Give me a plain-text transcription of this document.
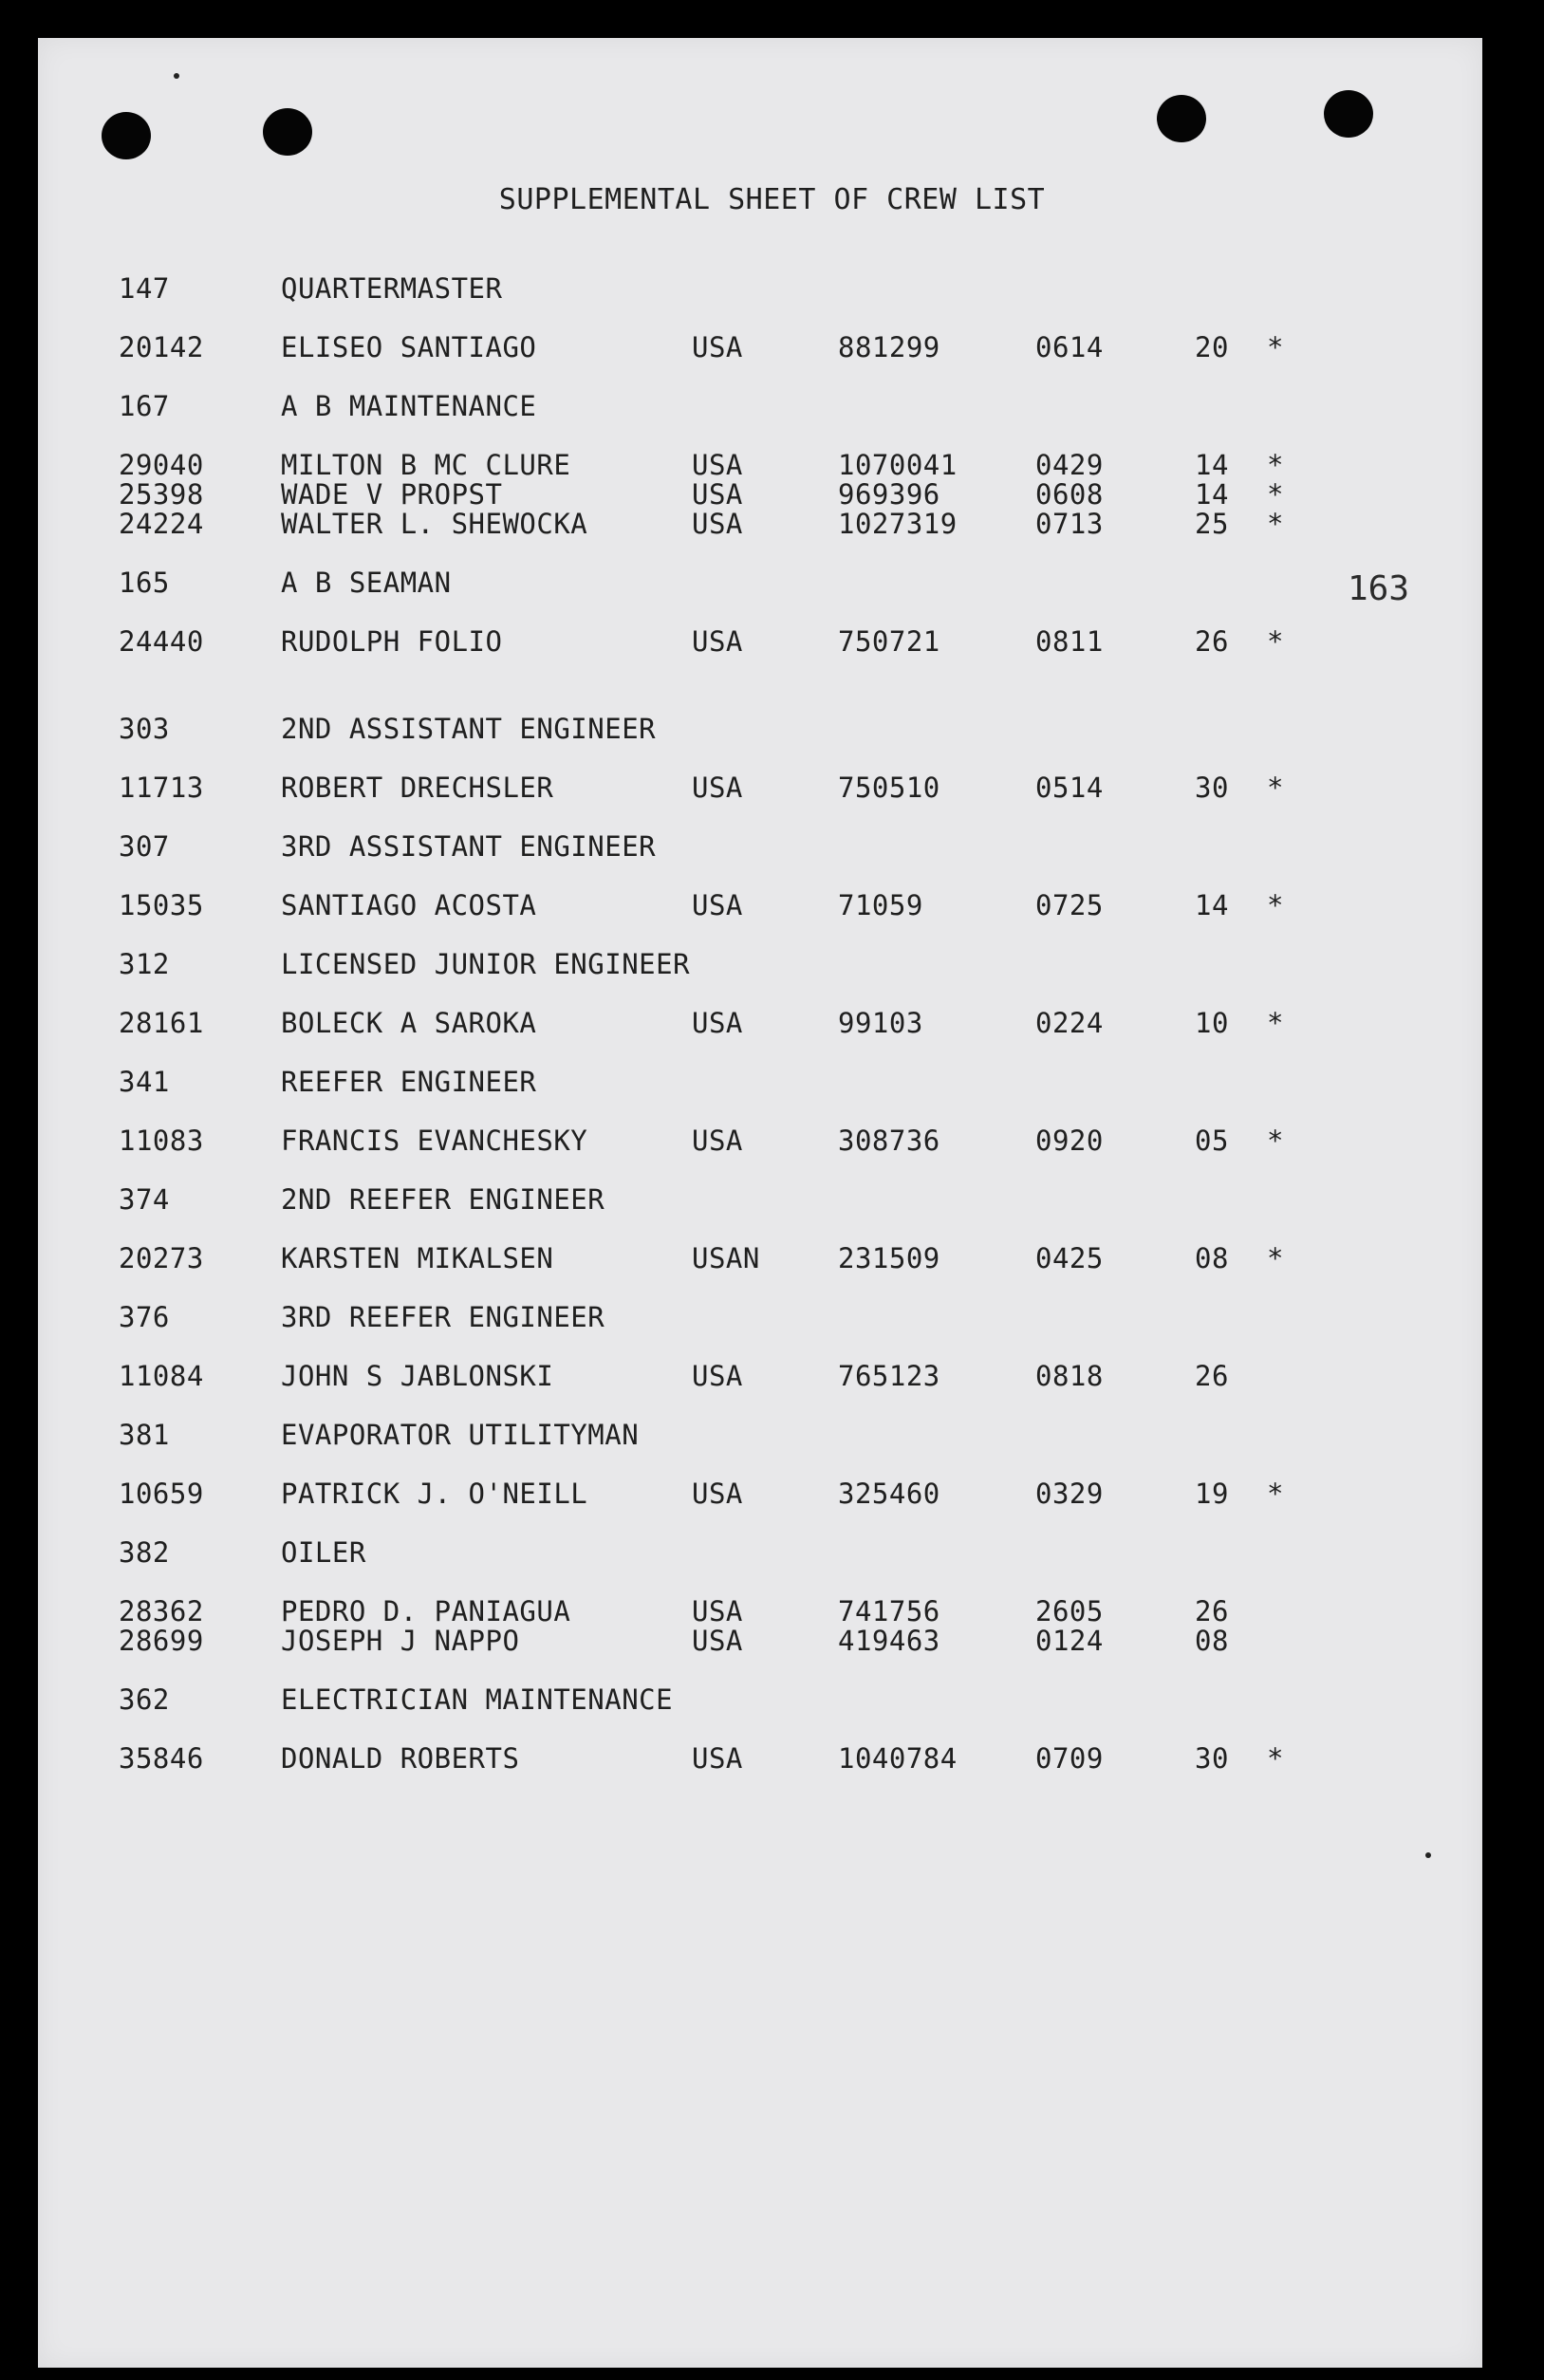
SUPPLEMENTAL SHEET OF CREW LIST
163
147	QUARTERMASTER
20142	ELISEO SANTIAGO	USA	881299	0614	20 *
167	A B MAINTENANCE
29040	MILTON B MC CLURE	USA	1070041	0429	14 *
25398	WADE V PROPST	USA	969396	0608	14 *
24224	WALTER L. SHEWOCKA	USA	1027319	0713	25 *
165	A B SEAMAN
24440	RUDOLPH FOLIO	USA	750721	0811	26 *
303	2ND ASSISTANT ENGINEER
11713	ROBERT DRECHSLER	USA	750510	0514	30 *
307	3RD ASSISTANT ENGINEER
15035	SANTIAGO ACOSTA	USA	71059	0725	14 *
312	LICENSED JUNIOR ENGINEER
28161	BOLECK A SAROKA	USA	99103	0224	10 *
341	REEFER ENGINEER
11083	FRANCIS EVANCHESKY	USA	308736	0920	05 *
374	2ND REEFER ENGINEER
20273	KARSTEN MIKALSEN	USAN	231509	0425	08 *
376	3RD REEFER ENGINEER
11084	JOHN S JABLONSKI	USA	765123	0818	26
381	EVAPORATOR UTILITYMAN
10659	PATRICK J. O'NEILL	USA	325460	0329	19 *
382	OILER
28362	PEDRO D. PANIAGUA	USA	741756	2605	26
28699	JOSEPH J NAPPO	USA	419463	0124	08
362	ELECTRICIAN MAINTENANCE
35846	DONALD ROBERTS	USA	1040784	0709	30 *
